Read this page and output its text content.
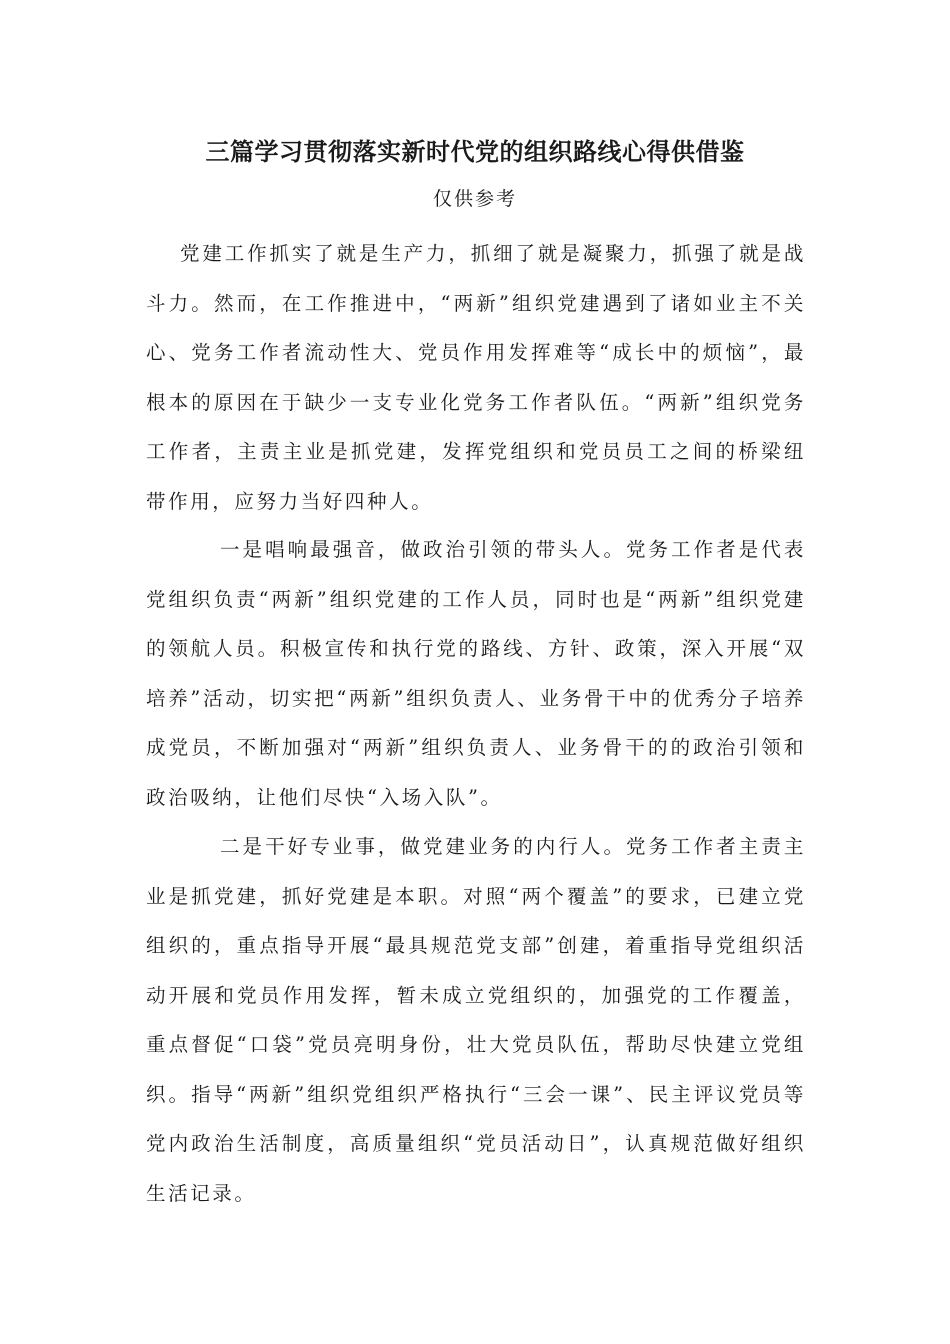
三篇学习贯彻落实新时代党的组织路线心得供借鉴
仅供参考

党建工作抓实了就是生产力，抓细了就是凝聚力，抓强了就是战斗力。然而，在工作推进中，“两新”组织党建遇到了诸如业主不关心、党务工作者流动性大、党员作用发挥难等“成长中的烦恼”，最根本的原因在于缺少一支专业化党务工作者队伍。“两新”组织党务工作者，主责主业是抓党建，发挥党组织和党员员工之间的桥梁纽带作用，应努力当好四种人。

一是唱响最强音，做政治引领的带头人。党务工作者是代表党组织负责“两新”组织党建的工作人员，同时也是“两新”组织党建的领航人员。积极宣传和执行党的路线、方针、政策，深入开展“双培养”活动，切实把“两新”组织负责人、业务骨干中的优秀分子培养成党员，不断加强对“两新”组织负责人、业务骨干的的政治引领和政治吸纳，让他们尽快“入场入队”。

二是干好专业事，做党建业务的内行人。党务工作者主责主业是抓党建，抓好党建是本职。对照“两个覆盖”的要求，已建立党组织的，重点指导开展“最具规范党支部”创建，着重指导党组织活动开展和党员作用发挥，暂未成立党组织的，加强党的工作覆盖，重点督促“口袋”党员亮明身份，壮大党员队伍，帮助尽快建立党组织。指导“两新”组织党组织严格执行“三会一课”、民主评议党员等党内政治生活制度，高质量组织“党员活动日”，认真规范做好组织生活记录。
